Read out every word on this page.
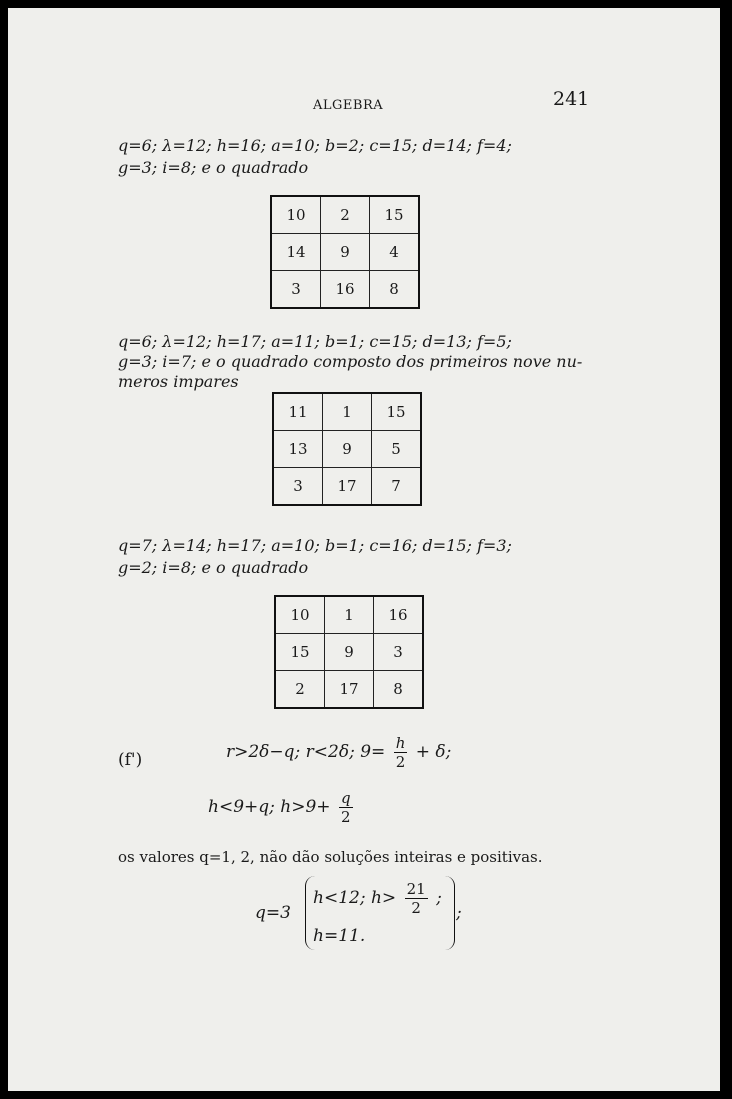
ALGEBRA	241
q=6; λ=12; h=16; a=10; b=2; c=15; d=14; f=4;
g=3; i=8; e o quadrado
10	2	15
14	9	4
3	16	8
q=6; λ=12; h=17; a=11; b=1; c=15; d=13; f=5;
g=3; i=7; e o quadrado composto dos primeiros nove nu-
meros impares
11	1	15
13	9	5
3	17	7
q=7; λ=14; h=17; a=10; b=1; c=16; d=15; f=3;
g=2; i=8; e o quadrado
10	1	16
15	9	3
2	17	8
(f')	r>2δ−q; r<2δ; $9= \frac{h}{2} + \delta$;
h<9+q; $h>9+ \frac{q}{2}$
os valores q=1, 2, não dão soluções inteiras e positivas.
q=3
h<12; $h> \frac{21}{2}$ ;
h=11.
;
